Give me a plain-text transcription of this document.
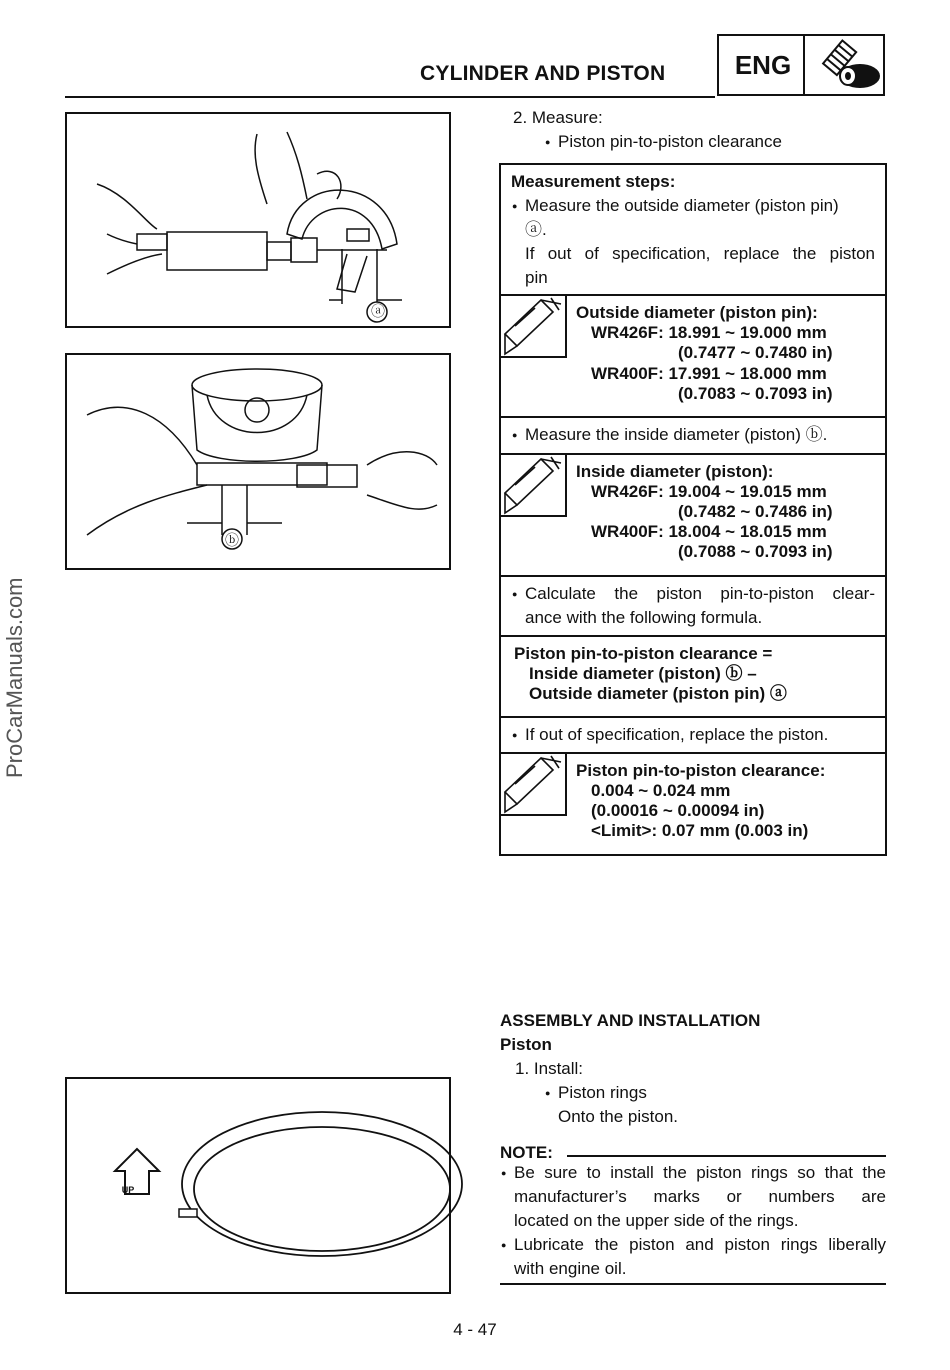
CYLINDER AND PISTON	ENG
ProCarManuals.com
ⓐ
ⓑ
UP
2. Measure:
● Piston pin-to-piston clearance
Measurement steps:
● Measure the outside diameter (piston pin)
ⓐ.
If out of specification, replace the piston
pin
Outside diameter (piston pin):
WR426F: 18.991 ~ 19.000 mm
(0.7477 ~ 0.7480 in)
WR400F: 17.991 ~ 18.000 mm
(0.7083 ~ 0.7093 in)
● Measure the inside diameter (piston) ⓑ.
Inside diameter (piston):
WR426F: 19.004 ~ 19.015 mm
(0.7482 ~ 0.7486 in)
WR400F: 18.004 ~ 18.015 mm
(0.7088 ~ 0.7093 in)
● Calculate the piston pin-to-piston clear-
ance with the following formula.
Piston pin-to-piston clearance =
Inside diameter (piston) ⓑ –
Outside diameter (piston pin) ⓐ
● If out of specification, replace the piston.
Piston pin-to-piston clearance:
0.004 ~ 0.024 mm
(0.00016 ~ 0.00094 in)
<Limit>: 0.07 mm (0.003 in)
ASSEMBLY AND INSTALLATION
Piston
1. Install:
● Piston rings
Onto the piston.
NOTE:
● Be sure to install the piston rings so that the
manufacturer’s marks or numbers are
located on the upper side of the rings.
● Lubricate the piston and piston rings liberally
with engine oil.
4 - 47
